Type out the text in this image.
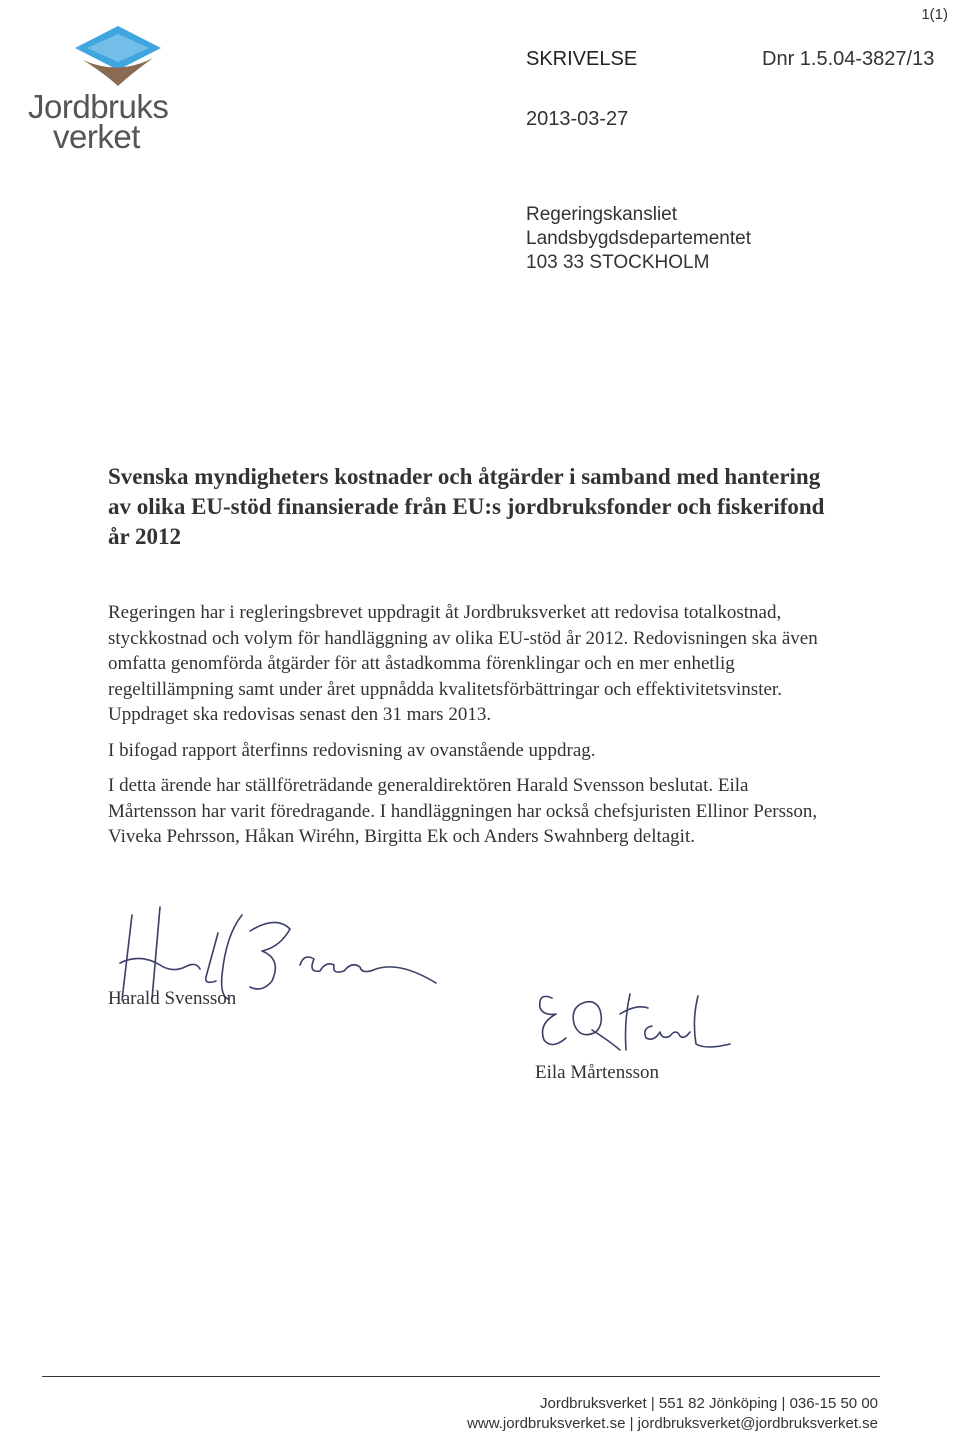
1(1)
Jordbruks
verket
SKRIVELSE	Dnr 1.5.04-3827/13
2013-03-27
Regeringskansliet
Landsbygdsdepartementet
103 33 STOCKHOLM
Svenska myndigheters kostnader och åtgärder i samband med hantering av olika EU-stöd finansierade från EU:s jordbruksfonder och fiskerifond år 2012

Regeringen har i regleringsbrevet uppdragit åt Jordbruksverket att redovisa totalkostnad, styckkostnad och volym för handläggning av olika EU-stöd år 2012. Redovisningen ska även omfatta genomförda åtgärder för att åstadkomma förenklingar och en mer enhetlig regeltillämpning samt under året uppnådda kvalitetsförbättringar och effektivitetsvinster. Uppdraget ska redovisas senast den 31 mars 2013.

I bifogad rapport återfinns redovisning av ovanstående uppdrag.

I detta ärende har ställföreträdande generaldirektören Harald Svensson beslutat. Eila Mårtensson har varit föredragande. I handläggningen har också chefsjuristen Ellinor Persson, Viveka Pehrsson, Håkan Wiréhn, Birgitta Ek och Anders Swahnberg deltagit.

Harald Svensson
Eila Mårtensson
Jordbruksverket | 551 82 Jönköping | 036-15 50 00
www.jordbruksverket.se | jordbruksverket@jordbruksverket.se
